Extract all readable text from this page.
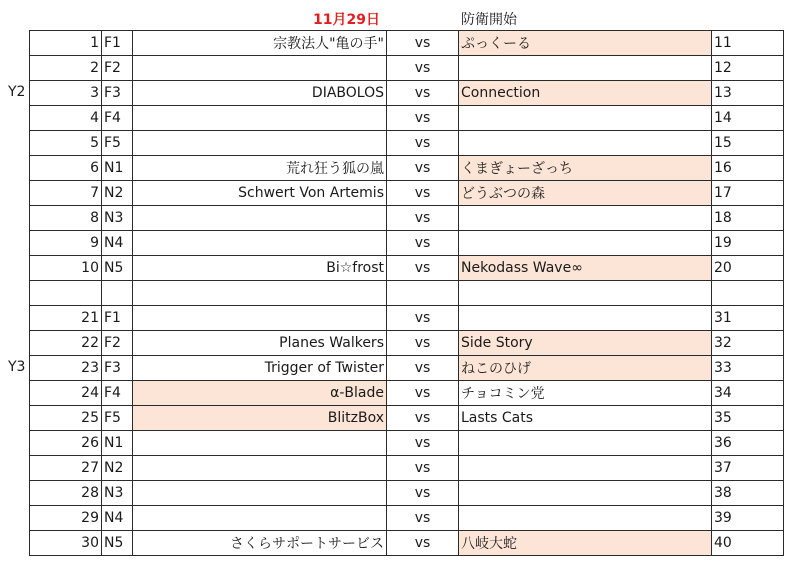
11月29日	防衛開始
Y2
Y3
1	F1	宗教法人"亀の手"	vs	ぷっくーる	11
2	F2		vs		12
3	F3	DIABOLOS	vs	Connection	13
4	F4		vs		14
5	F5		vs		15
6	N1	荒れ狂う狐の嵐	vs	くまぎょーざっち	16
7	N2	Schwert Von Artemis	vs	どうぶつの森	17
8	N3		vs		18
9	N4		vs		19
10	N5	Bi☆frost	vs	Nekodass Wave∞	20

21	F1		vs		31
22	F2	Planes Walkers	vs	Side Story	32
23	F3	Trigger of Twister	vs	ねこのひげ	33
24	F4	α-Blade	vs	チョコミン党	34
25	F5	BlitzBox	vs	Lasts Cats	35
26	N1		vs		36
27	N2		vs		37
28	N3		vs		38
29	N4		vs		39
30	N5	さくらサポートサービス	vs	八岐大蛇	40
